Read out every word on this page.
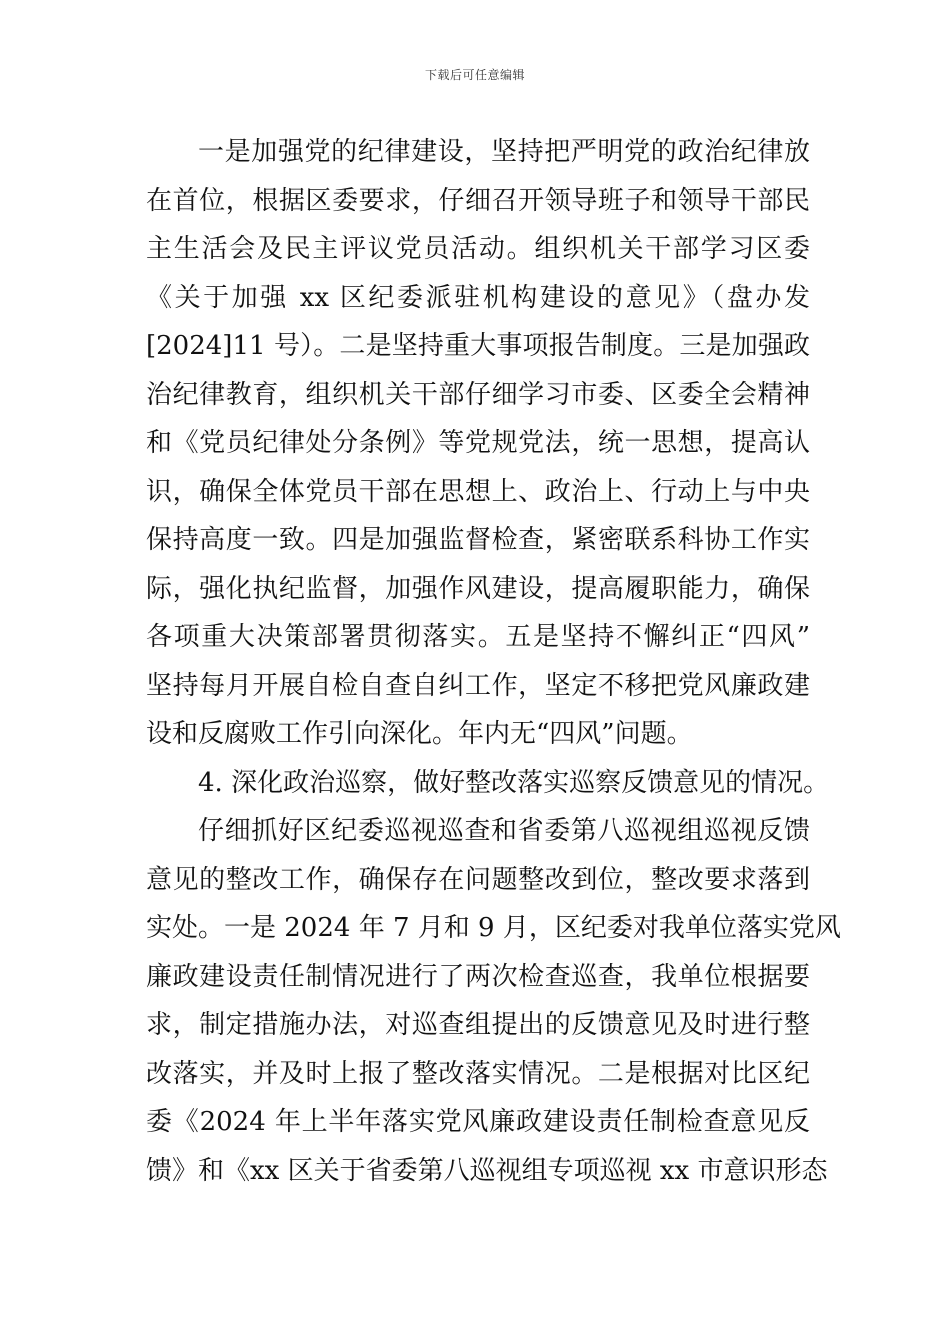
下载后可任意编辑
一是加强党的纪律建设，坚持把严明党的政治纪律放
在首位，根据区委要求，仔细召开领导班子和领导干部民
主生活会及民主评议党员活动。组织机关干部学习区委
《关于加强 xx 区纪委派驻机构建设的意见》（盘办发
[2024]11 号）。二是坚持重大事项报告制度。三是加强政
治纪律教育，组织机关干部仔细学习市委、区委全会精神
和《党员纪律处分条例》等党规党法，统一思想，提高认
识，确保全体党员干部在思想上、政治上、行动上与中央
保持高度一致。四是加强监督检查，紧密联系科协工作实
际，强化执纪监督，加强作风建设，提高履职能力，确保
各项重大决策部署贯彻落实。五是坚持不懈纠正“四风”
坚持每月开展自检自查自纠工作，坚定不移把党风廉政建
设和反腐败工作引向深化。年内无“四风”问题。
4. 深化政治巡察，做好整改落实巡察反馈意见的情况。
仔细抓好区纪委巡视巡查和省委第八巡视组巡视反馈
意见的整改工作，确保存在问题整改到位，整改要求落到
实处。一是 2024 年 7 月和 9 月，区纪委对我单位落实党风
廉政建设责任制情况进行了两次检查巡查，我单位根据要
求，制定措施办法，对巡查组提出的反馈意见及时进行整
改落实，并及时上报了整改落实情况。二是根据对比区纪
委《2024 年上半年落实党风廉政建设责任制检查意见反
馈》和《xx 区关于省委第八巡视组专项巡视 xx 市意识形态
